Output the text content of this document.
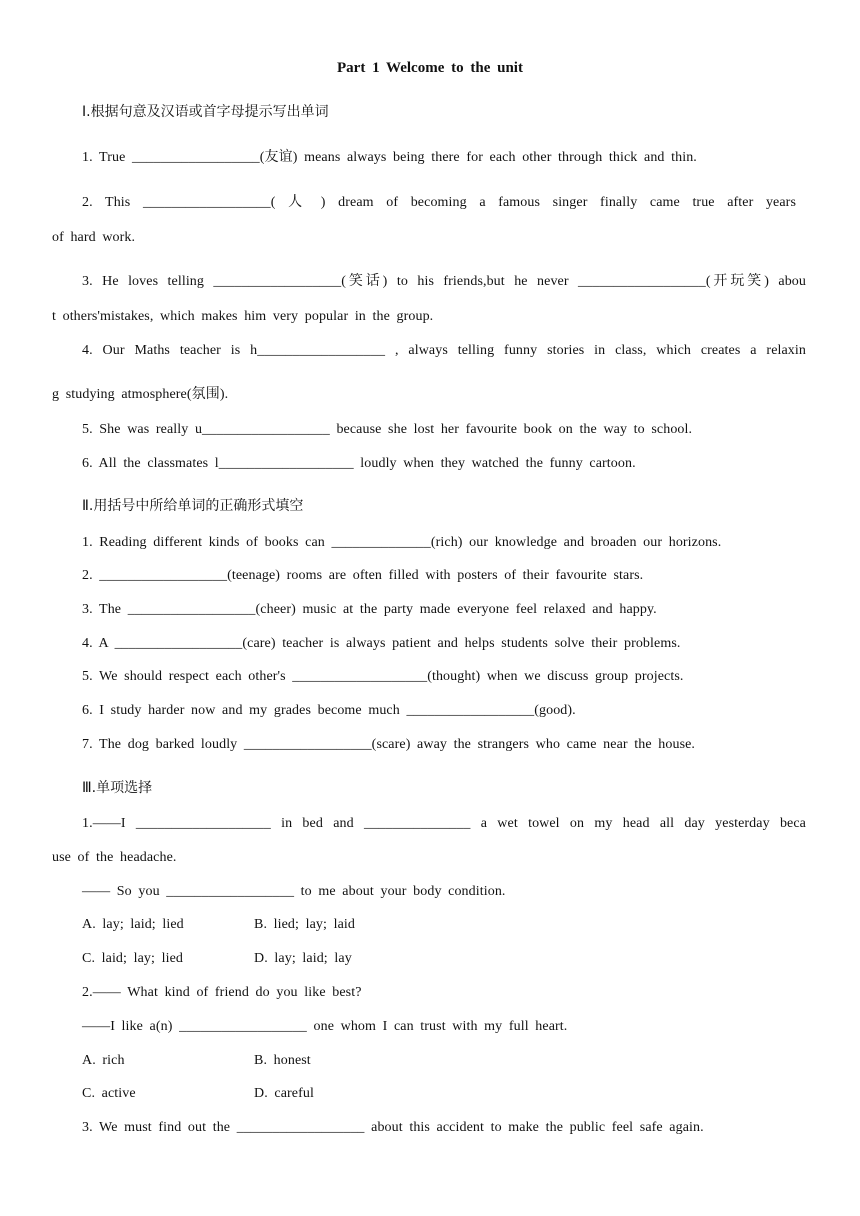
Part 1 Welcome to the unit
I.根据句意及汉语或首字母提示写出单词
1. True __________________(友谊) means always being there for each other through thick and thin.
2. This __________________( 人 ) dream of becoming a famous singer finally came true after years
of hard work.
3. He loves telling __________________(笑话) to his friends,but he never __________________(开玩笑) abou
t others'mistakes, which makes him very popular in the group.
4. Our Maths teacher is h__________________ , always telling funny stories in class, which creates a relaxin
g studying atmosphere(氛围).
5. She was really u__________________ because she lost her favourite book on the way to school.
6. All the classmates l___________________ loudly when they watched the funny cartoon.
Ⅱ.用括号中所给单词的正确形式填空
1. Reading different kinds of books can ______________(rich) our knowledge and broaden our horizons.
2. __________________(teenage) rooms are often filled with posters of their favourite stars.
3. The __________________(cheer) music at the party made everyone feel relaxed and happy.
4. A __________________(care) teacher is always patient and helps students solve their problems.
5. We should respect each other's ___________________(thought) when we discuss group projects.
6. I study harder now and my grades become much __________________(good).
7. The dog barked loudly __________________(scare) away the strangers who came near the house.
Ⅲ.单项选择
1.——I ___________________ in bed and _______________ a wet towel on my head all day yesterday beca
use of the headache.
—— So you __________________ to me about your body condition.
A. lay; laid; lied	B. lied; lay; laid
C. laid; lay; lied	D. lay; laid; lay
2.—— What kind of friend do you like best?
——I like a(n) __________________ one whom I can trust with my full heart.
A. rich	B. honest
C. active	D. careful
3. We must find out the __________________ about this accident to make the public feel safe again.
